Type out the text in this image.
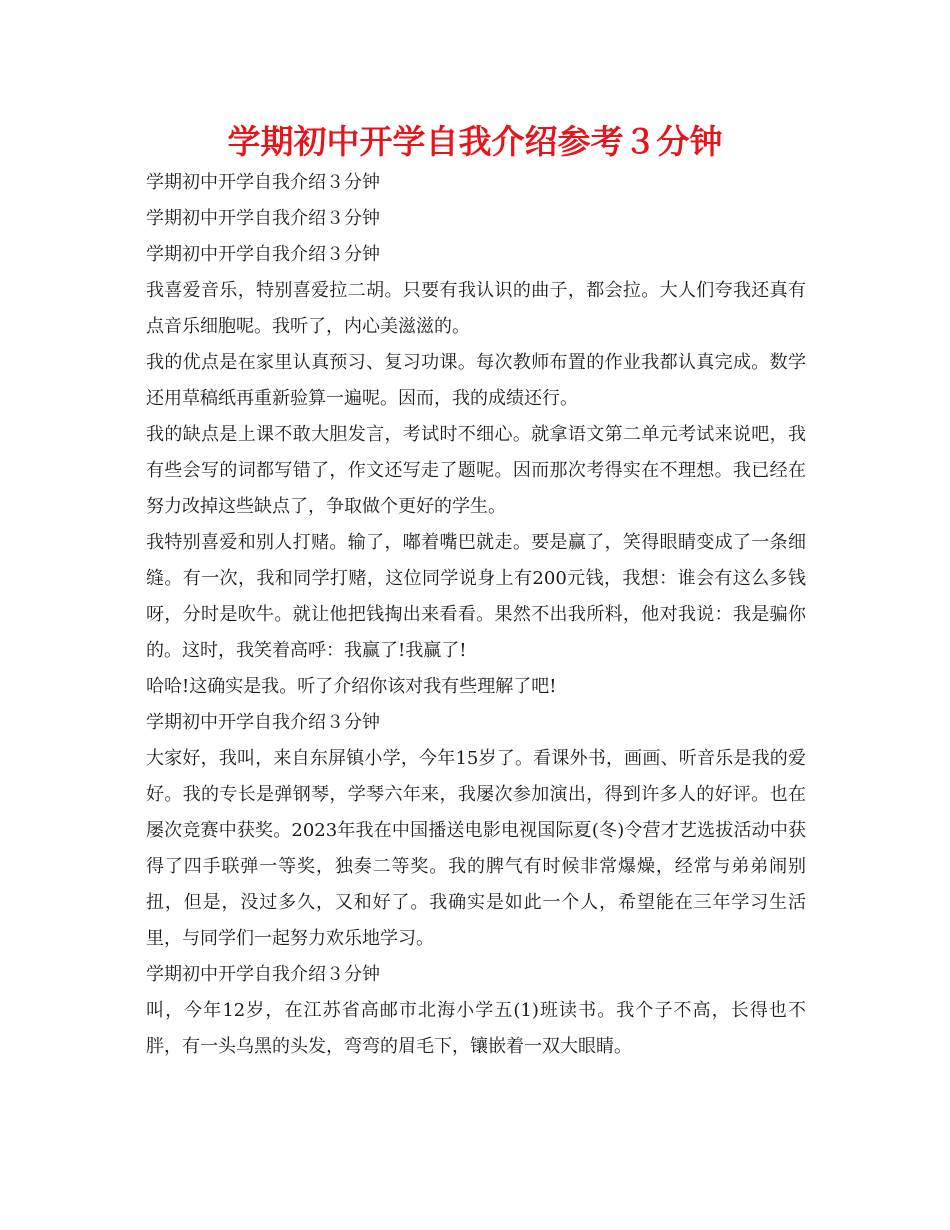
学期初中开学自我介绍参考３分钟

学期初中开学自我介绍３分钟

学期初中开学自我介绍３分钟

学期初中开学自我介绍３分钟

我喜爱音乐，特别喜爱拉二胡。只要有我认识的曲子，都会拉。大人们夸我还真有点音乐细胞呢。我听了，内心美滋滋的。

我的优点是在家里认真预习、复习功课。每次教师布置的作业我都认真完成。数学还用草稿纸再重新验算一遍呢。因而，我的成绩还行。

我的缺点是上课不敢大胆发言，考试时不细心。就拿语文第二单元考试来说吧，我有些会写的词都写错了，作文还写走了题呢。因而那次考得实在不理想。我已经在努力改掉这些缺点了，争取做个更好的学生。

我特别喜爱和别人打赌。输了，嘟着嘴巴就走。要是赢了，笑得眼睛变成了一条细缝。有一次，我和同学打赌，这位同学说身上有200元钱，我想：谁会有这么多钱呀，分时是吹牛。就让他把钱掏出来看看。果然不出我所料，他对我说：我是骗你的。这时，我笑着高呼：我赢了!我赢了!

哈哈!这确实是我。听了介绍你该对我有些理解了吧!

学期初中开学自我介绍３分钟

大家好，我叫，来自东屏镇小学，今年15岁了。看课外书，画画、听音乐是我的爱好。我的专长是弹钢琴，学琴六年来，我屡次参加演出，得到许多人的好评。也在屡次竞赛中获奖。2023年我在中国播送电影电视国际夏(冬)令营才艺选拔活动中获得了四手联弹一等奖，独奏二等奖。我的脾气有时候非常爆燥，经常与弟弟闹别扭，但是，没过多久，又和好了。我确实是如此一个人，希望能在三年学习生活里，与同学们一起努力欢乐地学习。

学期初中开学自我介绍３分钟

叫，今年12岁，在江苏省高邮市北海小学五(1)班读书。我个子不高，长得也不胖，有一头乌黑的头发，弯弯的眉毛下，镶嵌着一双大眼睛。
